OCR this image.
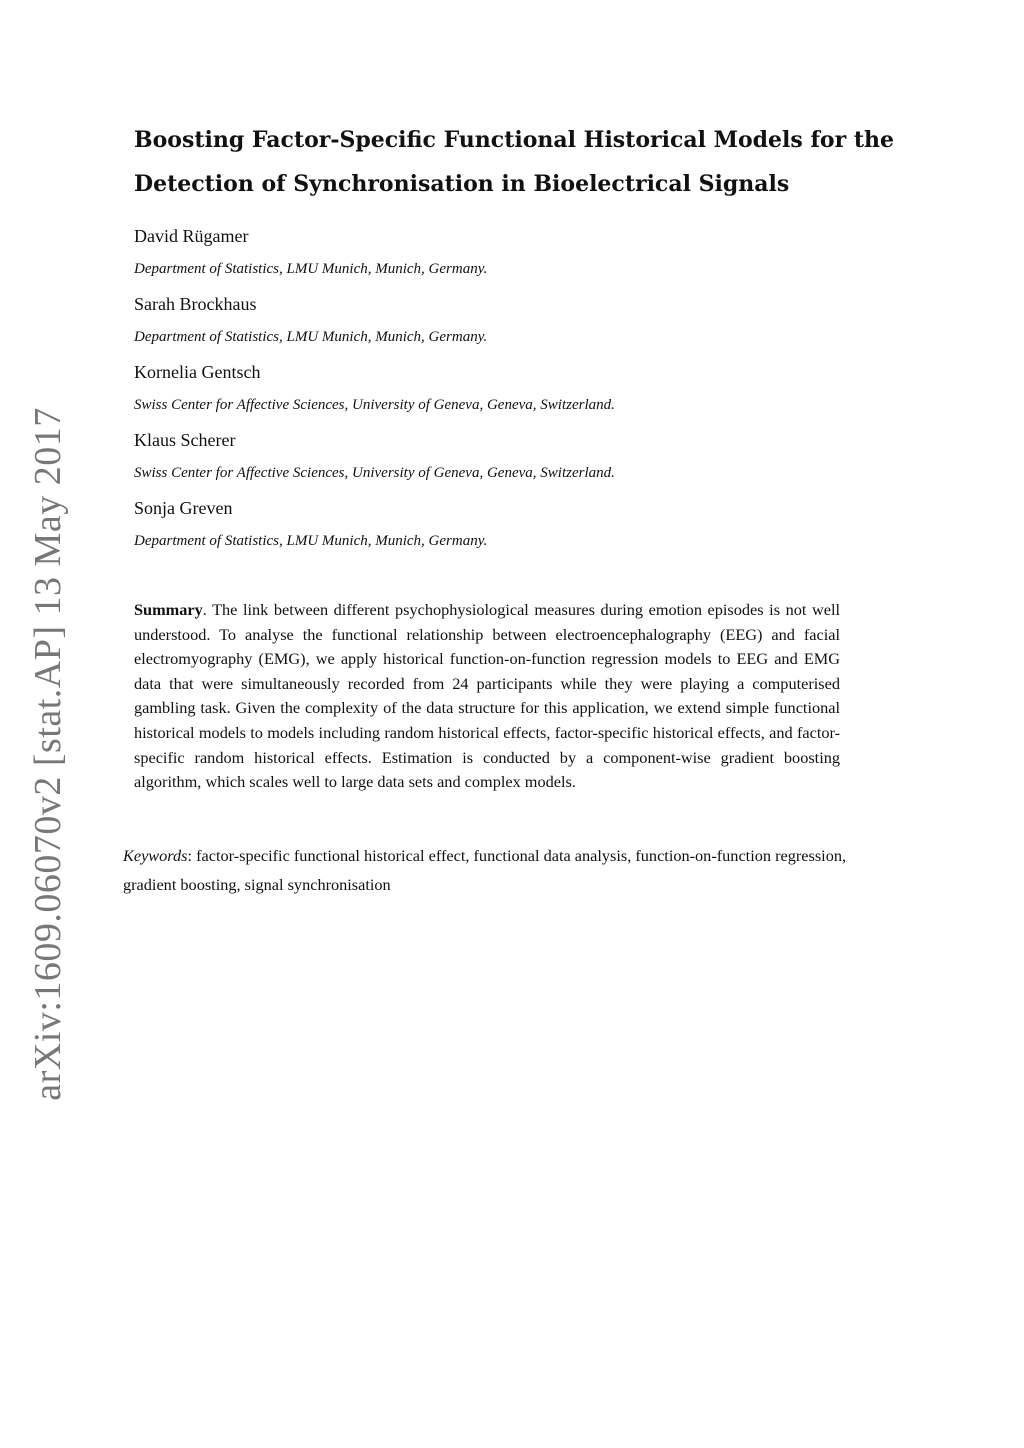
arXiv:1609.06070v2 [stat.AP] 13 May 2017
Boosting Factor-Specific Functional Historical Models for the
Detection of Synchronisation in Bioelectrical Signals
David Rügamer
Department of Statistics, LMU Munich, Munich, Germany.
Sarah Brockhaus
Department of Statistics, LMU Munich, Munich, Germany.
Kornelia Gentsch
Swiss Center for Affective Sciences, University of Geneva, Geneva, Switzerland.
Klaus Scherer
Swiss Center for Affective Sciences, University of Geneva, Geneva, Switzerland.
Sonja Greven
Department of Statistics, LMU Munich, Munich, Germany.

Summary. The link between different psychophysiological measures during emotion episodes is not well understood. To analyse the functional relationship between electroencephalography (EEG) and facial electromyography (EMG), we apply historical function-on-function regression models to EEG and EMG data that were simultaneously recorded from 24 participants while they were playing a computerised gambling task. Given the complexity of the data structure for this application, we extend simple functional historical models to models including random historical effects, factor-specific historical effects, and factor-specific random historical effects. Estimation is conducted by a component-wise gradient boosting algorithm, which scales well to large data sets and complex models.

Keywords: factor-specific functional historical effect, functional data analysis, function-on-function regression, gradient boosting, signal synchronisation
